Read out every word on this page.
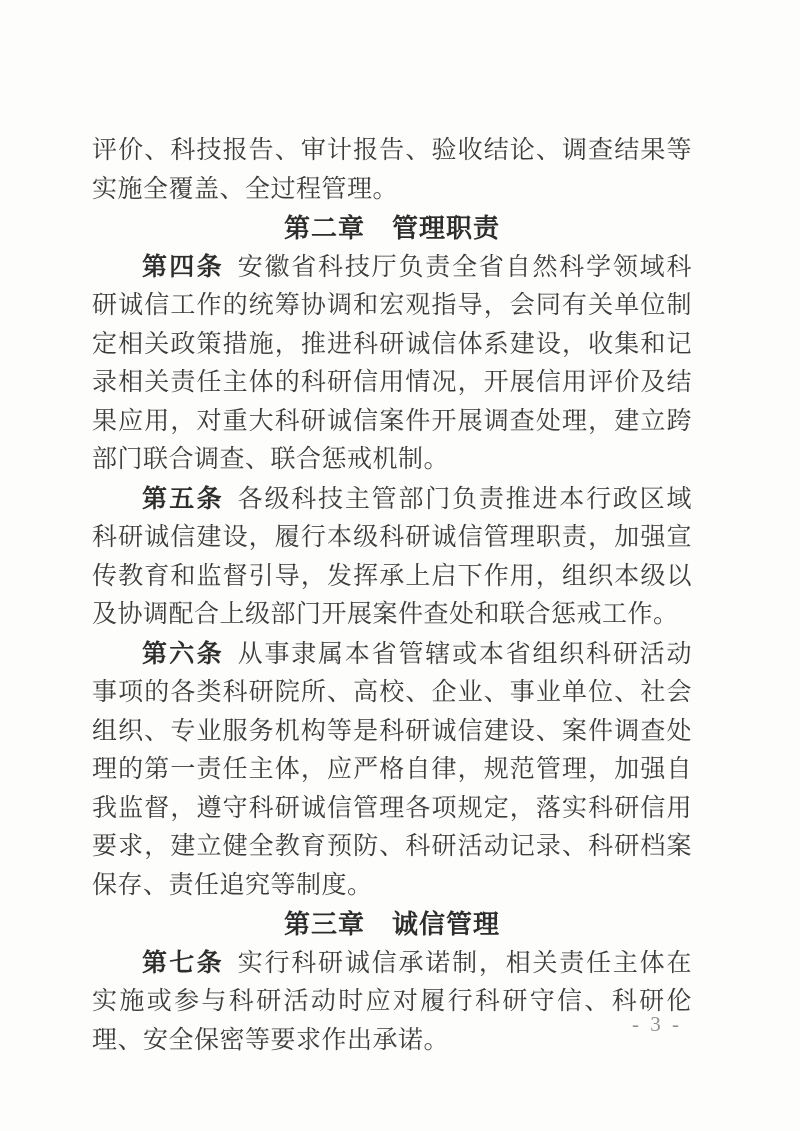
评价、科技报告、审计报告、验收结论、调查结果等实施全覆盖、全过程管理。

第二章　管理职责

第四条 安徽省科技厅负责全省自然科学领域科研诚信工作的统筹协调和宏观指导，会同有关单位制定相关政策措施，推进科研诚信体系建设，收集和记录相关责任主体的科研信用情况，开展信用评价及结果应用，对重大科研诚信案件开展调查处理，建立跨部门联合调查、联合惩戒机制。

第五条 各级科技主管部门负责推进本行政区域科研诚信建设，履行本级科研诚信管理职责，加强宣传教育和监督引导，发挥承上启下作用，组织本级以及协调配合上级部门开展案件查处和联合惩戒工作。

第六条 从事隶属本省管辖或本省组织科研活动事项的各类科研院所、高校、企业、事业单位、社会组织、专业服务机构等是科研诚信建设、案件调查处理的第一责任主体，应严格自律，规范管理，加强自我监督，遵守科研诚信管理各项规定，落实科研信用要求，建立健全教育预防、科研活动记录、科研档案保存、责任追究等制度。

第三章　诚信管理

第七条 实行科研诚信承诺制，相关责任主体在实施或参与科研活动时应对履行科研守信、科研伦理、安全保密等要求作出承诺。

- 3 -
